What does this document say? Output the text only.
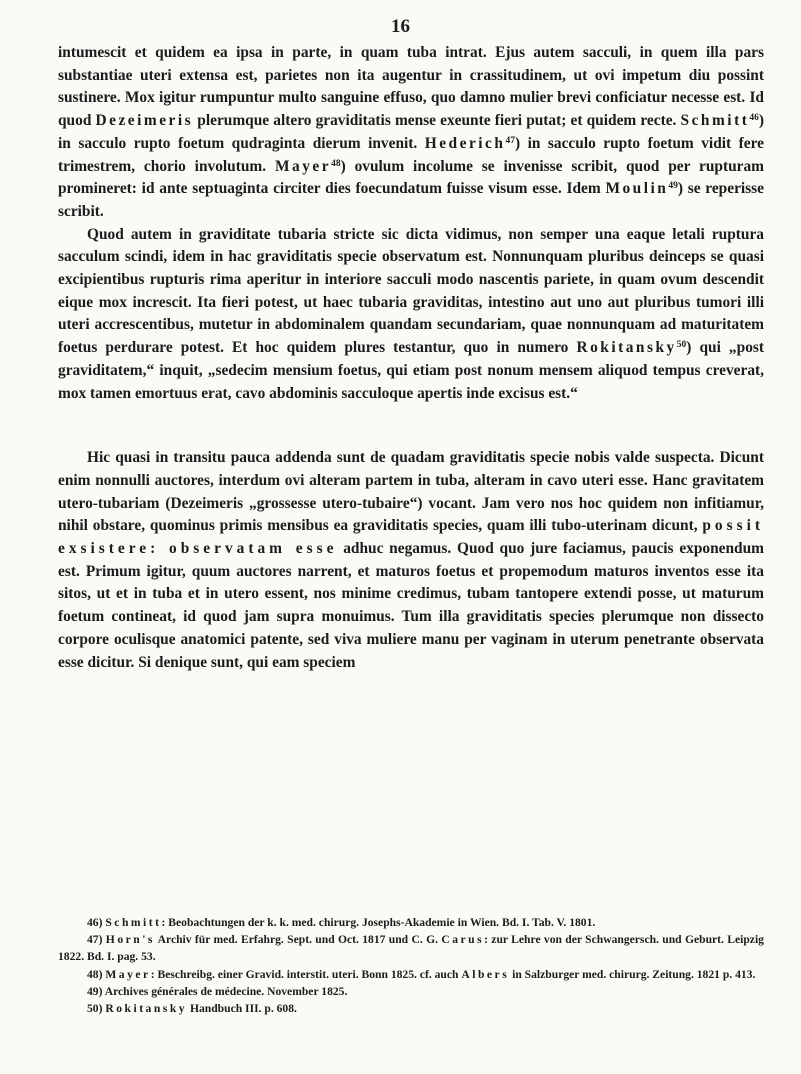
16

intumescit et quidem ea ipsa in parte, in quam tuba intrat. Ejus autem sacculi, in quem illa pars substantiae uteri extensa est, parietes non ita augentur in crassitudinem, ut ovi impetum diu possint sustinere. Mox igitur rumpuntur multo sanguine effuso, quo damno mulier brevi conficiatur necesse est. Id quod Dezeimeris plerumque altero graviditatis mense exeunte fieri putat; et quidem recte. Schmitt$^{46}$) in sacculo rupto foetum qudraginta dierum invenit. Hederich$^{47}$) in sacculo rupto foetum vidit fere trimestrem, chorio involutum. Mayer$^{48}$) ovulum incolume se invenisse scribit, quod per rupturam promineret: id ante septuaginta circiter dies foecundatum fuisse visum esse. Idem Moulin$^{49}$) se reperisse scribit.

Quod autem in graviditate tubaria stricte sic dicta vidimus, non semper una eaque letali ruptura sacculum scindi, idem in hac graviditatis specie observatum est. Nonnunquam pluribus deinceps se quasi excipientibus rupturis rima aperitur in interiore sacculi modo nascentis pariete, in quam ovum descendit eique mox increscit. Ita fieri potest, ut haec tubaria graviditas, intestino aut uno aut pluribus tumori illi uteri accrescentibus, mutetur in abdominalem quandam secundariam, quae nonnunquam ad maturitatem foetus perdurare potest. Et hoc quidem plures testantur, quo in numero Rokitansky$^{50}$) qui „post graviditatem,“ inquit, „sedecim mensium foetus, qui etiam post nonum mensem aliquod tempus creverat, mox tamen emortuus erat, cavo abdominis sacculoque apertis inde excisus est.“

Hic quasi in transitu pauca addenda sunt de quadam graviditatis specie nobis valde suspecta. Dicunt enim nonnulli auctores, interdum ovi alteram partem in tuba, alteram in cavo uteri esse. Hanc gravitatem utero-tubariam (Dezeimeris „grossesse utero-tubaire“) vocant. Jam vero nos hoc quidem non infitiamur, nihil obstare, quominus primis mensibus ea graviditatis species, quam illi tubo-uterinam dicunt, possit exsistere: observatam esse adhuc negamus. Quod quo jure faciamus, paucis exponendum est. Primum igitur, quum auctores narrent, et maturos foetus et propemodum maturos inventos esse ita sitos, ut et in tuba et in utero essent, nos minime credimus, tubam tantopere extendi posse, ut maturum foetum contineat, id quod jam supra monuimus. Tum illa graviditatis species plerumque non dissecto corpore oculisque anatomici patente, sed viva muliere manu per vaginam in uterum penetrante observata esse dicitur. Si denique sunt, qui eam speciem

46) Schmitt: Beobachtungen der k. k. med. chirurg. Josephs-Akademie in Wien. Bd. I. Tab. V. 1801.

47) Horn's Archiv für med. Erfahrg. Sept. und Oct. 1817 und C. G. Carus: zur Lehre von der Schwangersch. und Geburt. Leipzig 1822. Bd. I. pag. 53.

48) Mayer: Beschreibg. einer Gravid. interstit. uteri. Bonn 1825. cf. auch Albers in Salzburger med. chirurg. Zeitung. 1821 p. 413.

49) Archives générales de médecine. November 1825.

50) Rokitansky Handbuch III. p. 608.
